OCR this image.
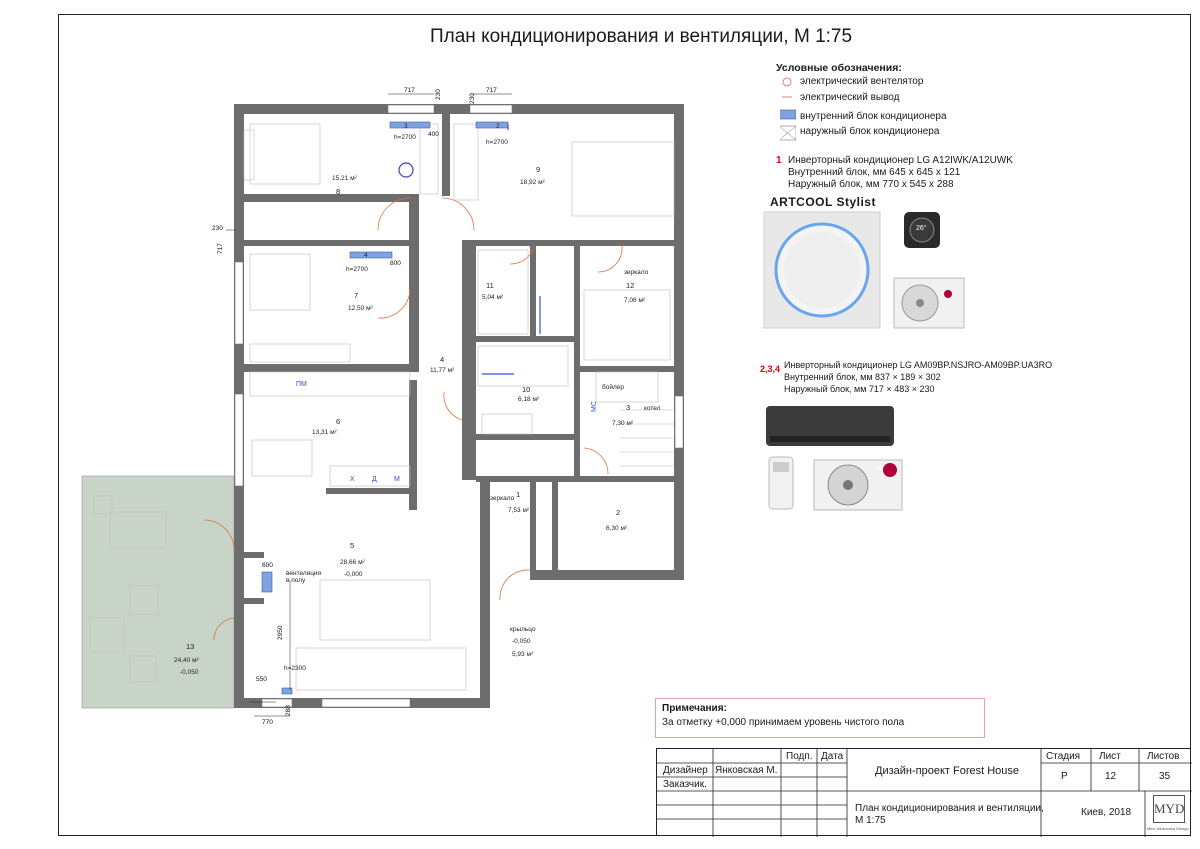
План кондиционирования и вентиляции, М 1:75
15,21 м²
8
9
18,92 м²
7
12,50 м²
11
5,04 м²
12
7,06 м²
4
11,77 м²
10
6,18 м²
6
13,31 м²
3
7,30 м²
1
7,53 м²	2
6,30 м²
5
28,66 м²
-0,000
13
24,40 м²
-0,050
крыльцо
-0,050
5,93 м²
зеркало
зеркало
бойлер
котел
ПМ
МС
Х Д М
вентеляция
в полу
h=2700
h=2700
h=2700
h=2300
3	2
4
717	717
230	230
400
230
717
800
600
2950
550
770
288
Условные обозначения:
электрический вентелятор
электрический вывод
внутренний блок кондиционера
наружный блок кондиционера
1 Инверторный кондиционер LG A12IWK/A12UWK
Внутренний блок, мм 645 х 645 х 121
Наружный блок, мм 770 х 545 х 288
ARTCOOL Stylist
26°
2,3,4 Инверторный кондиционер LG AM09BP.NSJRO-AM09BP.UA3RO
Внутренний блок, мм 837 × 189 × 302
Наружный блок, мм 717 × 483 × 230
LG
Примечания:
За отметку +0,000 принимаем уровень чистого пола
Подп. Дата
Дизайнер Янковская М.
Заказчик.
Дизайн-проект Forest House
Стадия Лист	Листов
Р	12	35
План кондиционирования и вентиляции,
М 1:75
Киев, 2018 MYD
Mira Yankovska Design
